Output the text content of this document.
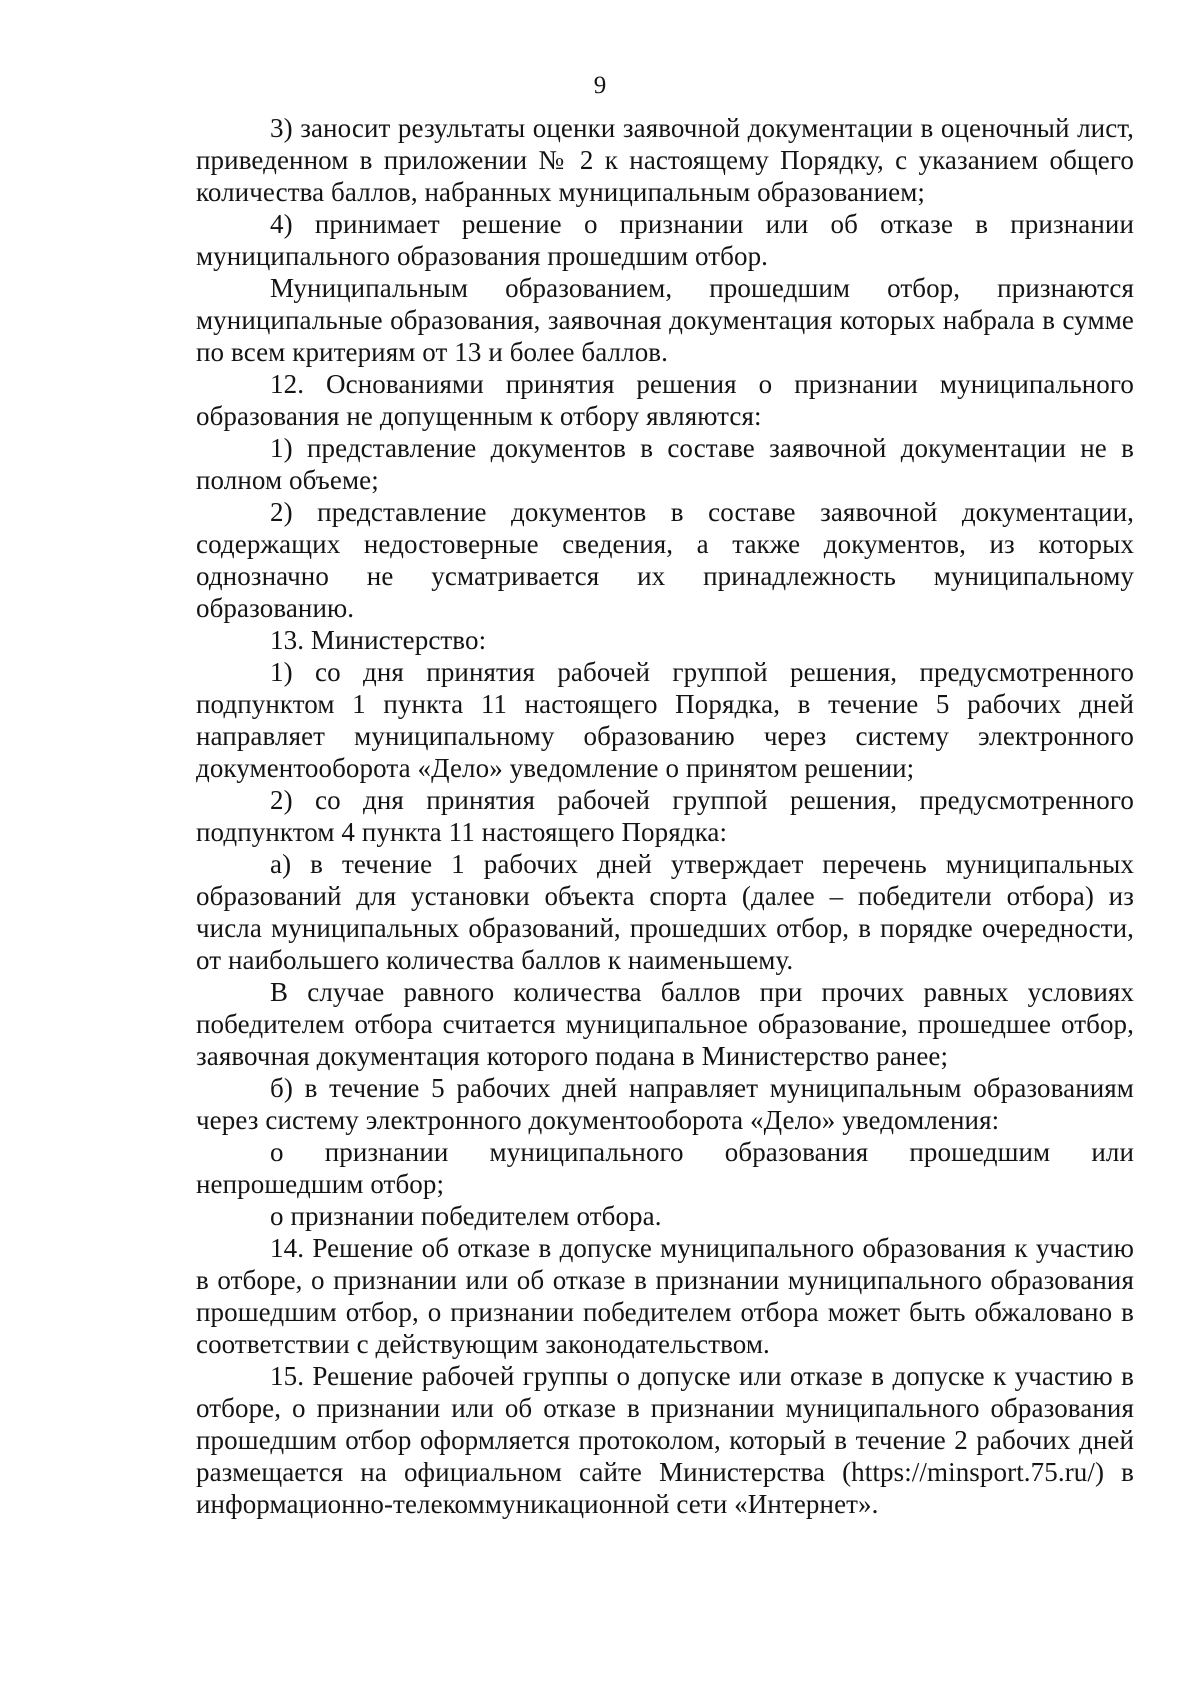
9

3) заносит результаты оценки заявочной документации в оценочный лист, приведенном в приложении № 2 к настоящему Порядку, с указанием общего количества баллов, набранных муниципальным образованием;

4) принимает решение о признании или об отказе в признании муниципального образования прошедшим отбор.

Муниципальным образованием, прошедшим отбор, признаются муниципальные образования, заявочная документация которых набрала в сумме по всем критериям от 13 и более баллов.

12. Основаниями принятия решения о признании муниципального образования не допущенным к отбору являются:

1) представление документов в составе заявочной документации не в полном объеме;

2) представление документов в составе заявочной документации, содержащих недостоверные сведения, а также документов, из которых однозначно не усматривается их принадлежность муниципальному образованию.

13. Министерство:

1) со дня принятия рабочей группой решения, предусмотренного подпунктом 1 пункта 11 настоящего Порядка, в течение 5 рабочих дней направляет муниципальному образованию через систему электронного документооборота «Дело» уведомление о принятом решении;

2) со дня принятия рабочей группой решения, предусмотренного подпунктом 4 пункта 11 настоящего Порядка:

а) в течение 1 рабочих дней утверждает перечень муниципальных образований для установки объекта спорта (далее – победители отбора) из числа муниципальных образований, прошедших отбор, в порядке очередности, от наибольшего количества баллов к наименьшему.

В случае равного количества баллов при прочих равных условиях победителем отбора считается муниципальное образование, прошедшее отбор, заявочная документация которого подана в Министерство ранее;

б) в течение 5 рабочих дней направляет муниципальным образованиям через систему электронного документооборота «Дело» уведомления:

о признании муниципального образования прошедшим или непрошедшим отбор;

о признании победителем отбора.

14. Решение об отказе в допуске муниципального образования к участию в отборе, о признании или об отказе в признании муниципального образования прошедшим отбор, о признании победителем отбора может быть обжаловано в соответствии с действующим законодательством.

15. Решение рабочей группы о допуске или отказе в допуске к участию в отборе, о признании или об отказе в признании муниципального образования прошедшим отбор оформляется протоколом, который в течение 2 рабочих дней размещается на официальном сайте Министерства (https://minsport.75.ru/) в информационно-телекоммуникационной сети «Интернет».
